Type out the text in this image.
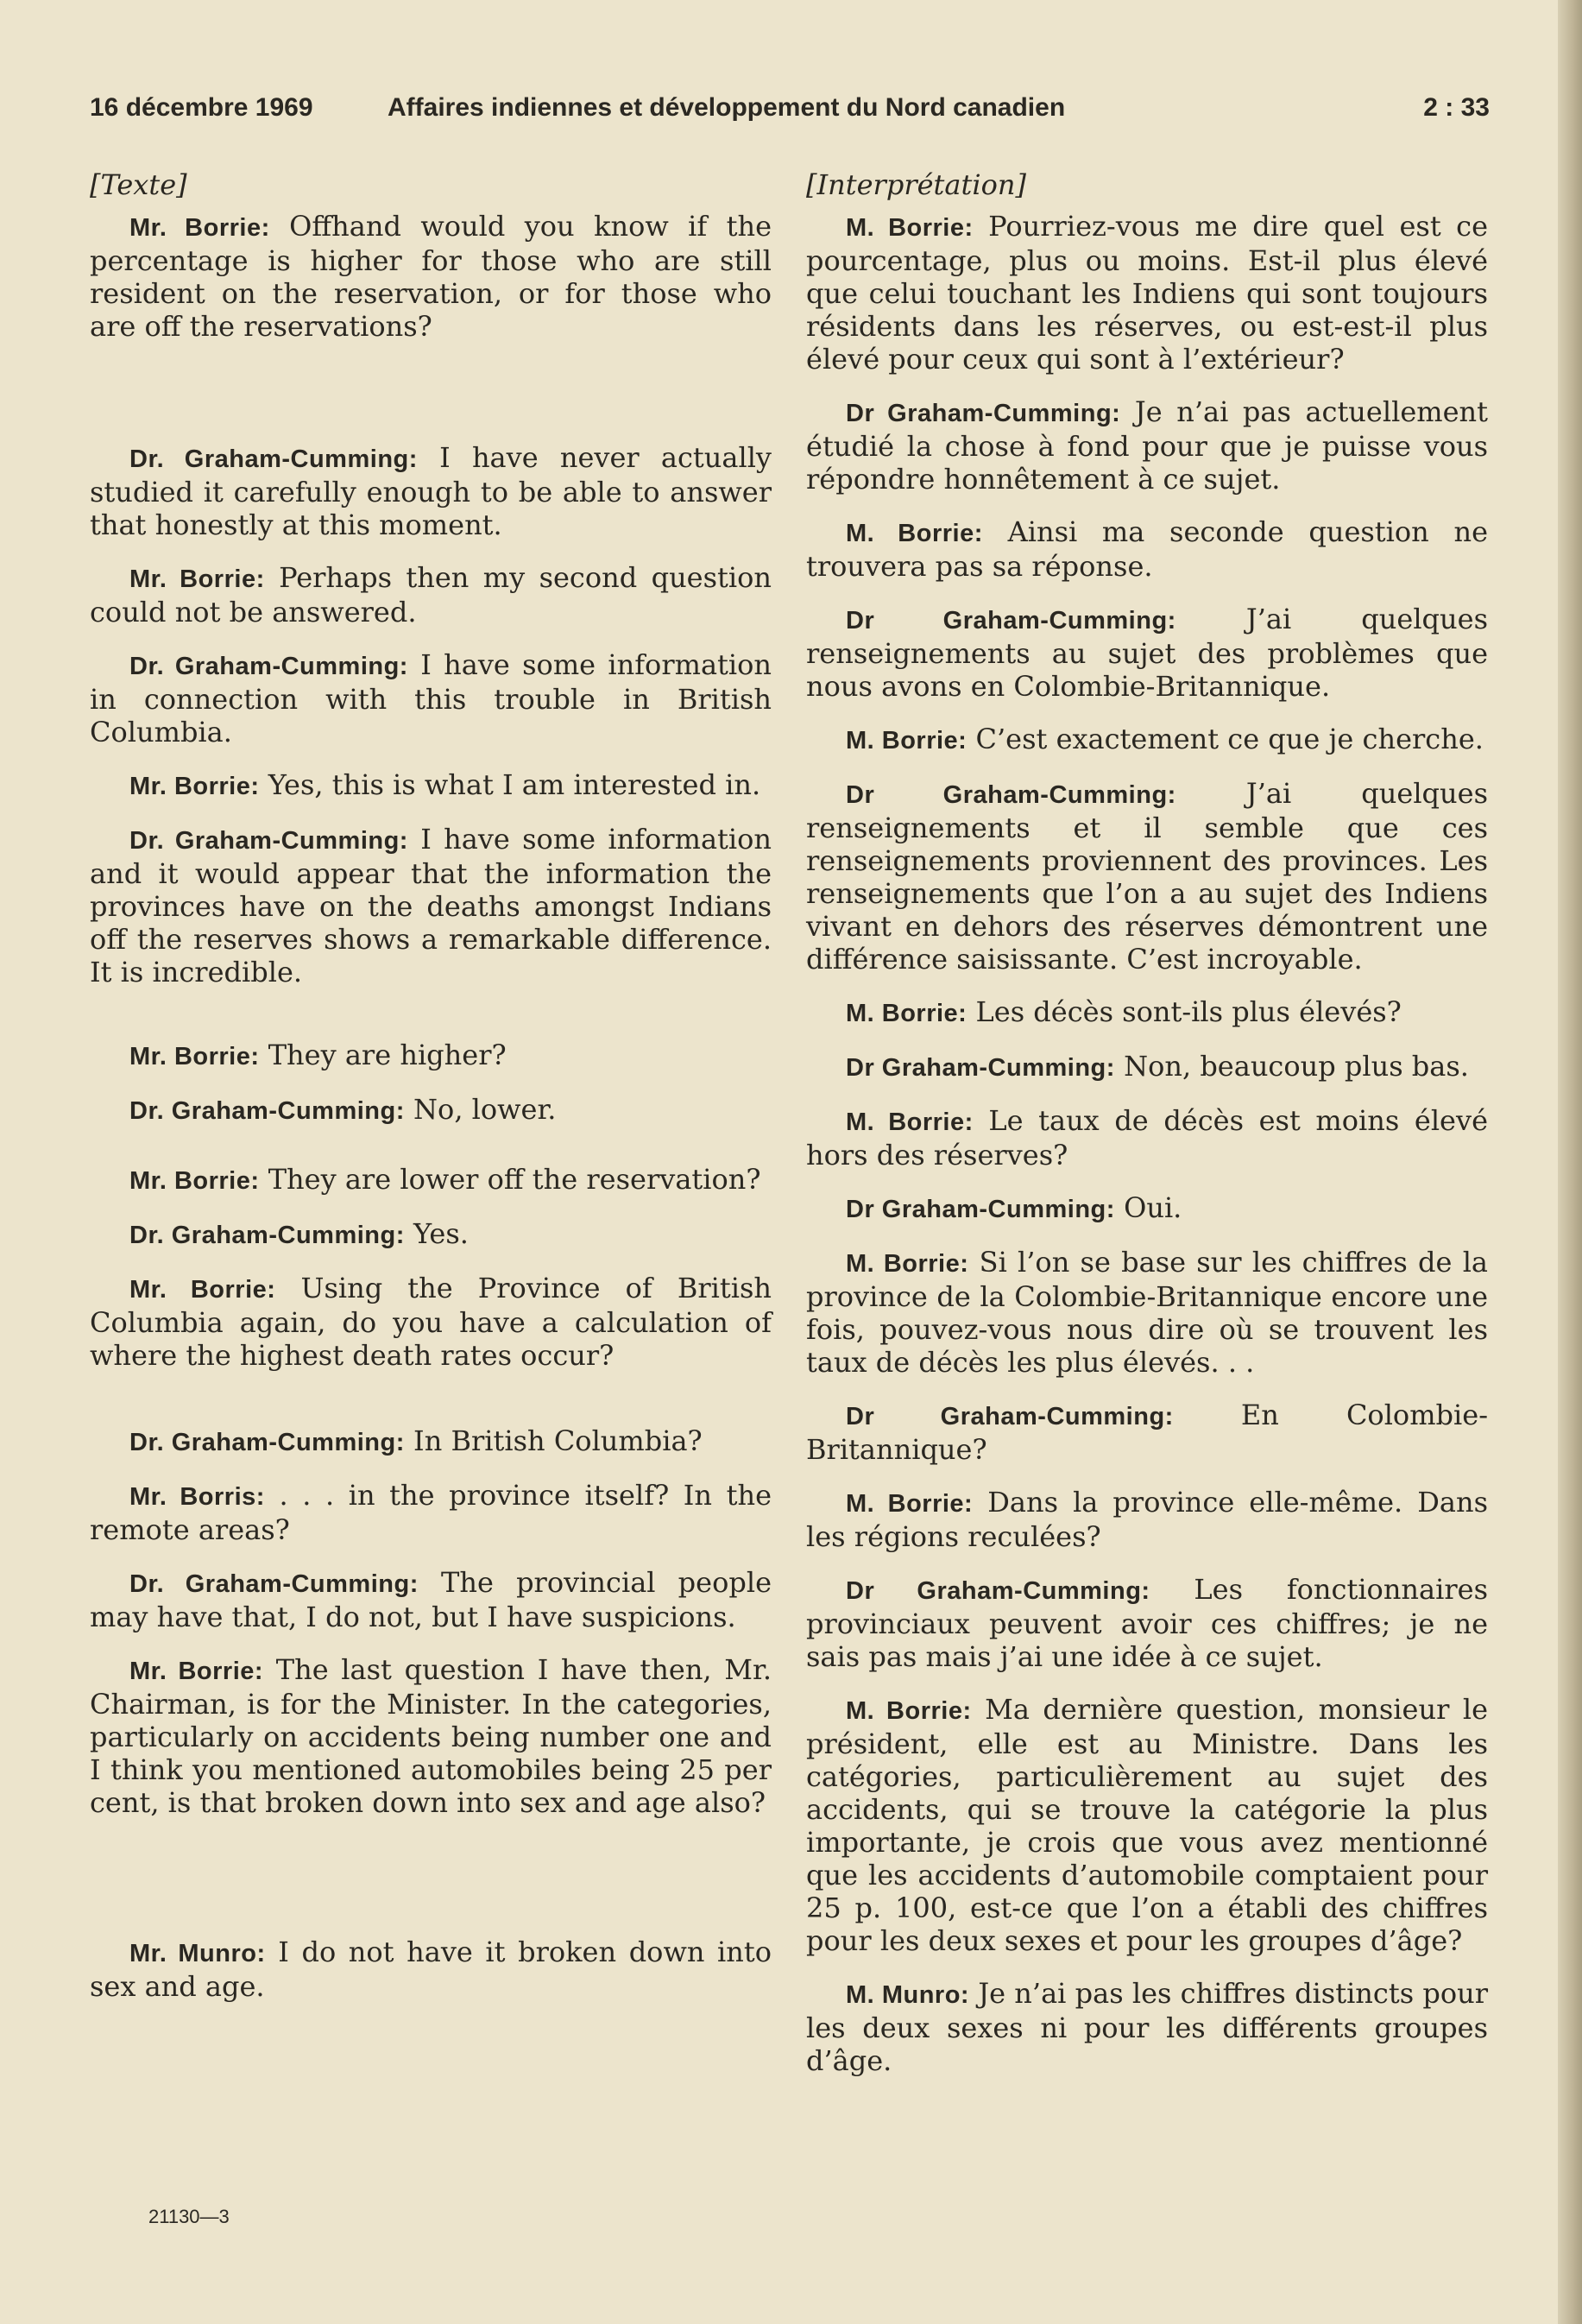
16 décembre 1969	Affaires indiennes et développement du Nord canadien	2 : 33
[Texte]

Mr. Borrie: Offhand would you know if the percentage is higher for those who are still resident on the reservation, or for those who are off the reservations?

Dr. Graham-Cumming: I have never actually studied it carefully enough to be able to answer that honestly at this moment.

Mr. Borrie: Perhaps then my second question could not be answered.

Dr. Graham-Cumming: I have some information in connection with this trouble in British Columbia.

Mr. Borrie: Yes, this is what I am interested in.

Dr. Graham-Cumming: I have some information and it would appear that the information the provinces have on the deaths amongst Indians off the reserves shows a remarkable difference. It is incredible.

Mr. Borrie: They are higher?

Dr. Graham-Cumming: No, lower.

Mr. Borrie: They are lower off the reservation?

Dr. Graham-Cumming: Yes.

Mr. Borrie: Using the Province of British Columbia again, do you have a calculation of where the highest death rates occur?

Dr. Graham-Cumming: In British Columbia?

Mr. Borris: . . . in the province itself? In the remote areas?

Dr. Graham-Cumming: The provincial people may have that, I do not, but I have suspicions.

Mr. Borrie: The last question I have then, Mr. Chairman, is for the Minister. In the categories, particularly on accidents being number one and I think you mentioned automobiles being 25 per cent, is that broken down into sex and age also?

Mr. Munro: I do not have it broken down into sex and age.

[Interprétation]

M. Borrie: Pourriez-vous me dire quel est ce pourcentage, plus ou moins. Est-il plus élevé que celui touchant les Indiens qui sont toujours résidents dans les réserves, ou est-est-il plus élevé pour ceux qui sont à l’extérieur?

Dr Graham-Cumming: Je n’ai pas actuellement étudié la chose à fond pour que je puisse vous répondre honnêtement à ce sujet.

M. Borrie: Ainsi ma seconde question ne trouvera pas sa réponse.

Dr Graham-Cumming:	J’ai quelques renseignements au sujet des problèmes que nous avons en Colombie-Britannique.

M. Borrie: C’est exactement ce que je cherche.

Dr Graham-Cumming:	J’ai quelques renseignements et il semble que ces renseignements proviennent des provinces. Les renseignements que l’on a au sujet des Indiens vivant en dehors des réserves démontrent une différence saisissante. C’est incroyable.

M. Borrie: Les décès sont-ils plus élevés?

Dr Graham-Cumming: Non, beaucoup plus bas.

M. Borrie: Le taux de décès est moins élevé hors des réserves?

Dr Graham-Cumming: Oui.

M. Borrie: Si l’on se base sur les chiffres de la province de la Colombie-Britannique encore une fois, pouvez-vous nous dire où se trouvent les taux de décès les plus élevés. . .

Dr Graham-Cumming: En Colombie-Britannique?

M. Borrie: Dans la province elle-même. Dans les régions reculées?

Dr Graham-Cumming: Les fonctionnaires provinciaux peuvent avoir ces chiffres; je ne sais pas mais j’ai une idée à ce sujet.

M. Borrie: Ma dernière question, monsieur le président, elle est au Ministre. Dans les catégories, particulièrement au sujet des accidents, qui se trouve la catégorie la plus importante, je crois que vous avez mentionné que les accidents d’automobile comptaient pour 25 p. 100, est-ce que l’on a établi des chiffres pour les deux sexes et pour les groupes d’âge?

M. Munro: Je n’ai pas les chiffres distincts pour les deux sexes ni pour les différents groupes d’âge.

21130—3
